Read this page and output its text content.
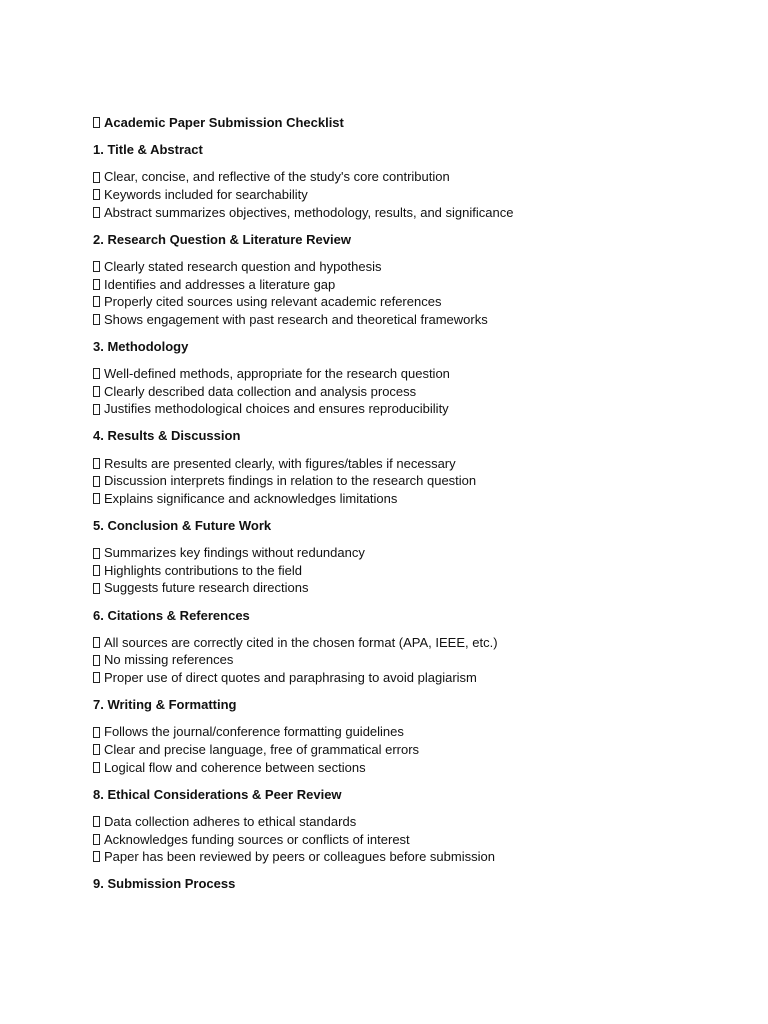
Academic Paper Submission Checklist
1. Title & Abstract
Clear, concise, and reflective of the study's core contribution
Keywords included for searchability
Abstract summarizes objectives, methodology, results, and significance
2. Research Question & Literature Review
Clearly stated research question and hypothesis
Identifies and addresses a literature gap
Properly cited sources using relevant academic references
Shows engagement with past research and theoretical frameworks
3. Methodology
Well-defined methods, appropriate for the research question
Clearly described data collection and analysis process
Justifies methodological choices and ensures reproducibility
4. Results & Discussion
Results are presented clearly, with figures/tables if necessary
Discussion interprets findings in relation to the research question
Explains significance and acknowledges limitations
5. Conclusion & Future Work
Summarizes key findings without redundancy
Highlights contributions to the field
Suggests future research directions
6. Citations & References
All sources are correctly cited in the chosen format (APA, IEEE, etc.)
No missing references
Proper use of direct quotes and paraphrasing to avoid plagiarism
7. Writing & Formatting
Follows the journal/conference formatting guidelines
Clear and precise language, free of grammatical errors
Logical flow and coherence between sections
8. Ethical Considerations & Peer Review
Data collection adheres to ethical standards
Acknowledges funding sources or conflicts of interest
Paper has been reviewed by peers or colleagues before submission
9. Submission Process
